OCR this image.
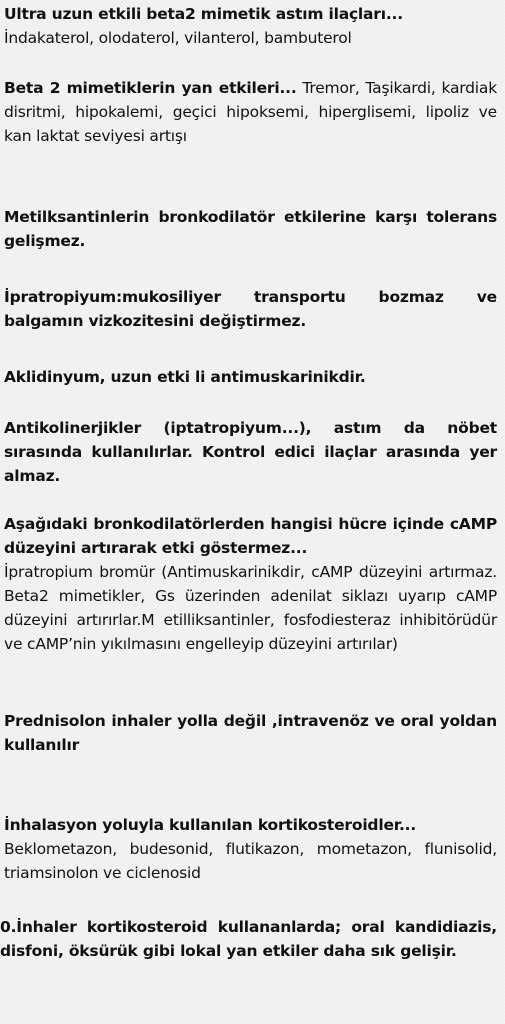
Ultra uzun etkili beta2 mimetik astım ilaçları...
İndakaterol, olodaterol, vilanterol, bambuterol
Beta 2 mimetiklerin yan etkileri... Tremor, Taşikardi, kardiak disritmi, hipokalemi, geçici hipoksemi, hiperglisemi, lipoliz ve kan laktat seviyesi artışı
Metilksantinlerin bronkodilatör etkilerine karşı tolerans gelişmez.
İpratropiyum:mukosiliyer transportu bozmaz ve balgamın vizkozitesini değiştirmez.
Aklidinyum, uzun etki li antimuskarinikdir.
Antikolinerjikler (iptatropiyum...), astım da nöbet sırasında kullanılırlar. Kontrol edici ilaçlar arasında yer almaz.
Aşağıdaki bronkodilatörlerden hangisi hücre içinde cAMP düzeyini artırarak etki göstermez...
İpratropium bromür (Antimuskarinikdir, cAMP düzeyini artırmaz. Beta2 mimetikler, Gs üzerinden adenilat siklazı uyarıp cAMP düzeyini artırırlar.M etilliksantinler, fosfodiesteraz inhibitörüdür ve cAMP’nin yıkılmasını engelleyip düzeyini artırılar)
Prednisolon inhaler yolla değil ,intravenöz ve oral yoldan kullanılır
İnhalasyon yoluyla kullanılan kortikosteroidler...
Beklometazon, budesonid, flutikazon, mometazon, flunisolid, triamsinolon ve ciclenosid
0.İnhaler kortikosteroid kullananlarda; oral kandidiazis, disfoni, öksürük gibi lokal yan etkiler daha sık gelişir.
